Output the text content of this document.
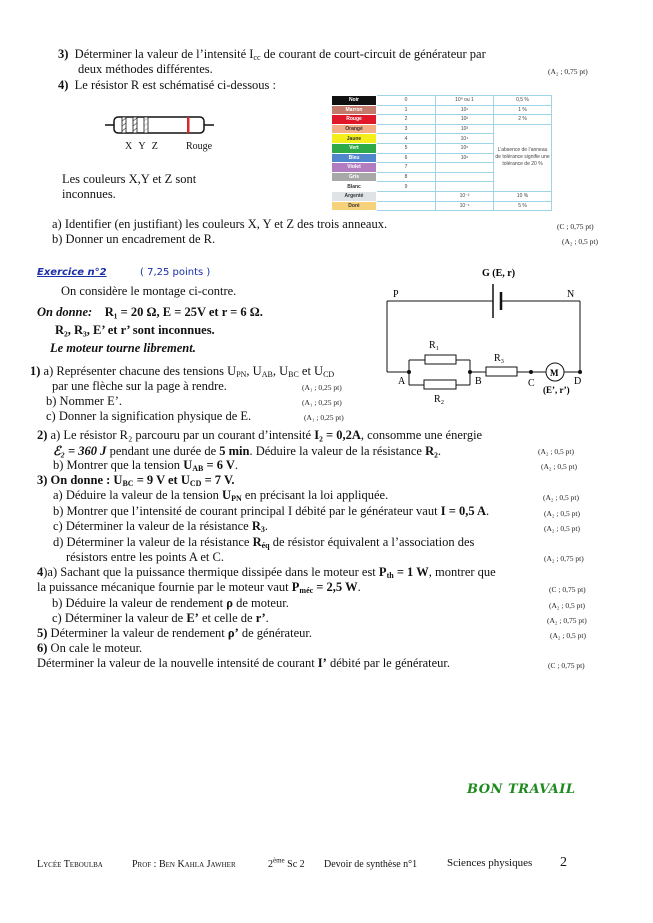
3) Déterminer la valeur de l’intensité $I_{cc}$ de courant de court-circuit de générateur par
deux méthodes différentes.	(A₂ ; 0,75 pt)
4) Le résistor R est schématisé ci-dessous :
X Y Z	Rouge
Les couleurs X,Y et Z sont
inconnues.
Noir	0	10⁰ ou 1	0,5 %
Marron	1	10¹	1 %
Rouge	2	10²	2 %
Orangé	3	10³	L’absence de l’anneau
de tolérance signifie une
tolérance de 20 %

Jaune	4	10⁴	
Vert	5	10⁵	
Bleu	6	10⁶	
Violet	7		
Gris	8		
Blanc	9		
Argenté		10⁻²	10 %
Doré		10⁻¹	5 %
a) Identifier (en justifiant) les couleurs X, Y et Z des trois anneaux.	(C ; 0,75 pt)
b) Donner un encadrement de R.	(A₂ ; 0,5 pt)
Exercice n°2	( 7,25 points )
On considère le montage ci-contre.
On donne: R₁ = 20 Ω, E = 25V et r = 6 Ω.
R₂, R₃, E’ et r’ sont inconnues.
Le moteur tourne librement.
G (E, r)
P	N
M
R₁
R₂
R₃
A	B	C	D
(E’, r’)
1) a) Représenter chacune des tensions $U_{PN}$, $U_{AB}$, $U_{BC}$ et $U_{CD}$
par une flèche sur la page à rendre.	(A₁ ; 0,25 pt)
b) Nommer E’.	(A₁ ; 0,25 pt)
c) Donner la signification physique de E.	(A₁ ; 0,25 pt)
2) a) Le résistor R₂ parcouru par un courant d’intensité I₂ = 0,2A, consomme une énergie
ℰ₂ = 360 J pendant une durée de 5 min. Déduire la valeur de la résistance R₂.	(A₂ ; 0,5 pt)
b) Montrer que la tension $U_{AB} = 6$ V.	(A₂ ; 0,5 pt)
3) On donne : $U_{BC} = 9$ V et $U_{CD} = 7$ V.
a) Déduire la valeur de la tension $U_{PN}$ en précisant la loi appliquée.	(A₂ ; 0,5 pt)
b) Montrer que l’intensité de courant principal I débité par le générateur vaut I = 0,5 A.	(A₂ ; 0,5 pt)
c) Déterminer la valeur de la résistance $R_3$.	(A₂ ; 0,5 pt)
d) Déterminer la valeur de la résistance $R_{éq}$ de résistor équivalent a l’association des
résistors entre les points A et C.	(A₂ ; 0,75 pt)
4)a) Sachant que la puissance thermique dissipée dans le moteur est $P_{th} = 1$ W, montrer que
la puissance mécanique fournie par le moteur vaut $P_{méc} = 2,5$ W.	(C ; 0,75 pt)
b) Déduire la valeur de rendement ρ de moteur.	(A₂ ; 0,5 pt)
c) Déterminer la valeur de E’ et celle de r’.	(A₂ ; 0,75 pt)
5) Déterminer la valeur de rendement ρ’ de générateur.	(A₂ ; 0,5 pt)
6) On cale le moteur.
Déterminer la valeur de la nouvelle intensité de courant I’ débité par le générateur.	(C ; 0,75 pt)
BON TRAVAIL
Lycée Teboulba	Prof : Ben Kahla Jawher	2ème Sc 2 Devoir de synthèse n°1	Sciences physiques 2
